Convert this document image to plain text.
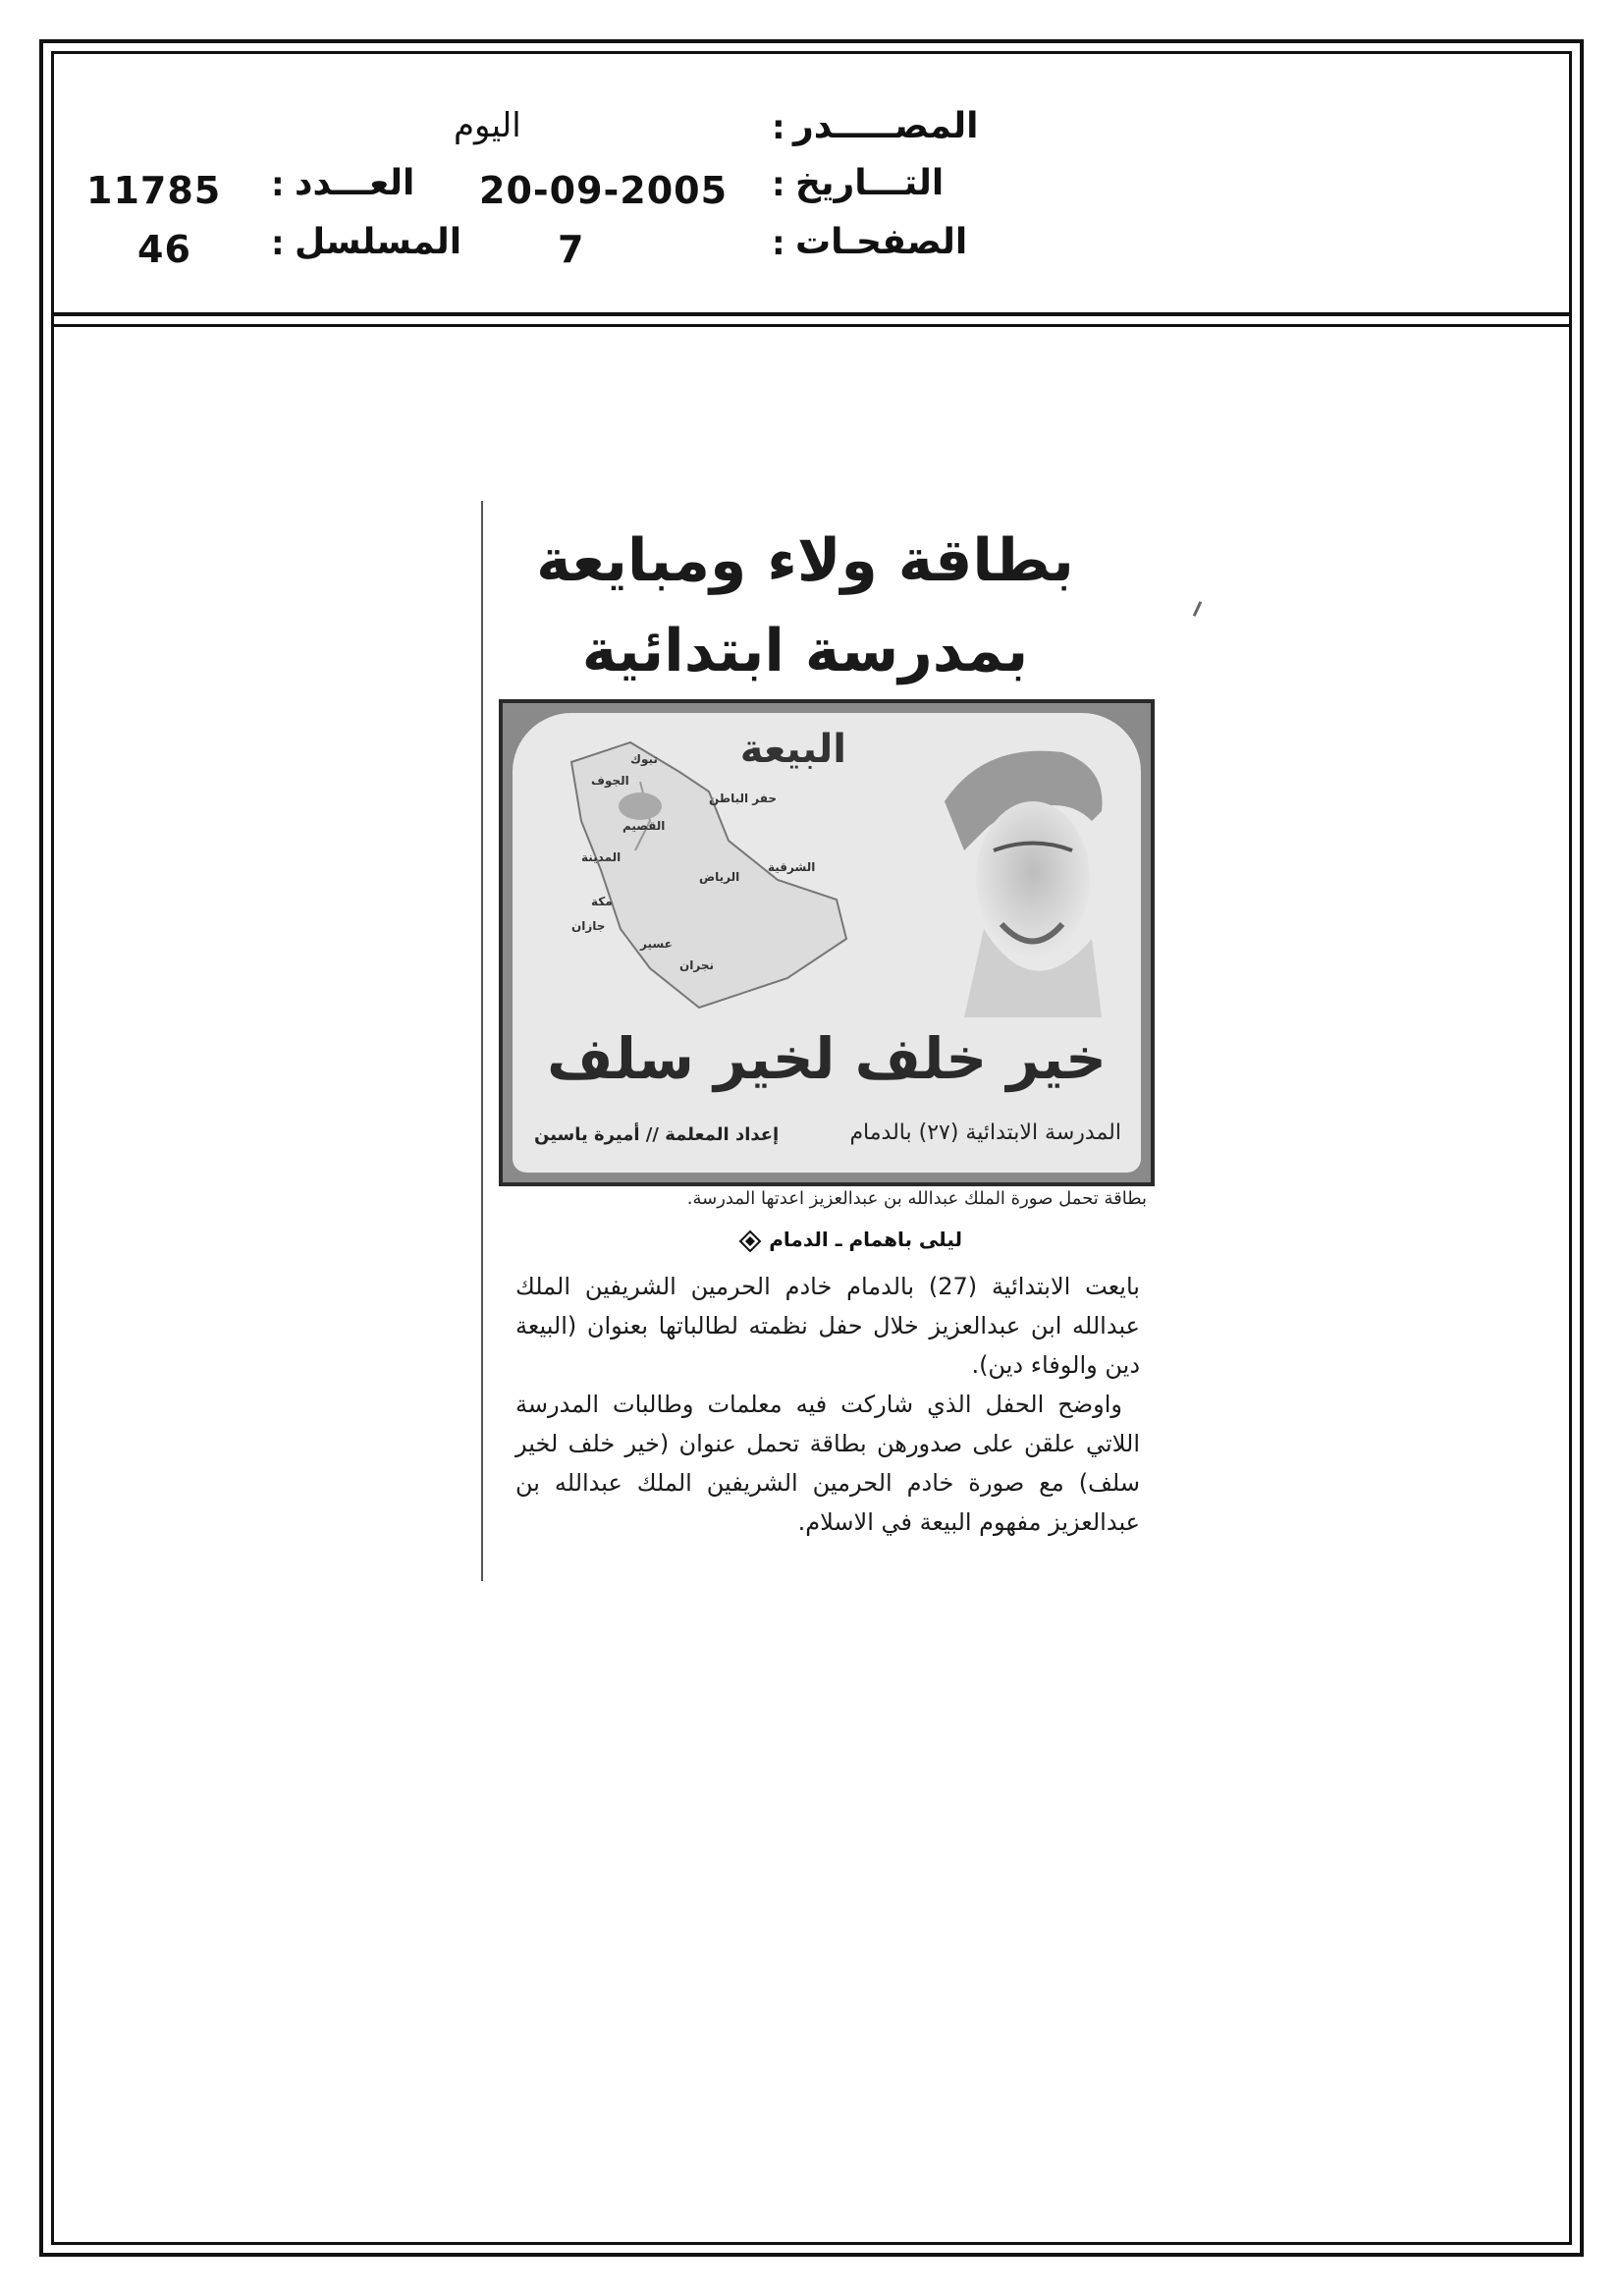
المصـــــدر
:
اليوم
التـــاريخ
:
20-09-2005
العـــدد
:
11785
الصفحـات
:
7
المسلسل
:
46
بطاقة ولاء ومبايعة
بمدرسة ابتدائية
تبوك
الجوف
حفر الباطن
القصيم
الشرقية
المدينة
الرياض
مكة
جازان
عسير
نجران
البيعة
خير خلف لخير سلف
المدرسة الابتدائية (٢٧) بالدمام
إعداد المعلمة // أميرة ياسين
بطاقة تحمل صورة الملك عبدالله بن عبدالعزيز اعدتها المدرسة.
ليلى باهمام ـ الدمام

بايعت الابتدائية (27) بالدمام خادم الحرمين الشريفين الملك عبدالله ابن عبدالعزيز خلال حفل نظمته لطالباتها بعنوان (البيعة دين والوفاء دين).

واوضح الحفل الذي شاركت فيه معلمات وطالبات المدرسة اللاتي علقن على صدورهن بطاقة تحمل عنوان (خير خلف لخير سلف) مع صورة خادم الحرمين الشريفين الملك عبدالله بن عبدالعزيز مفهوم البيعة في الاسلام.
